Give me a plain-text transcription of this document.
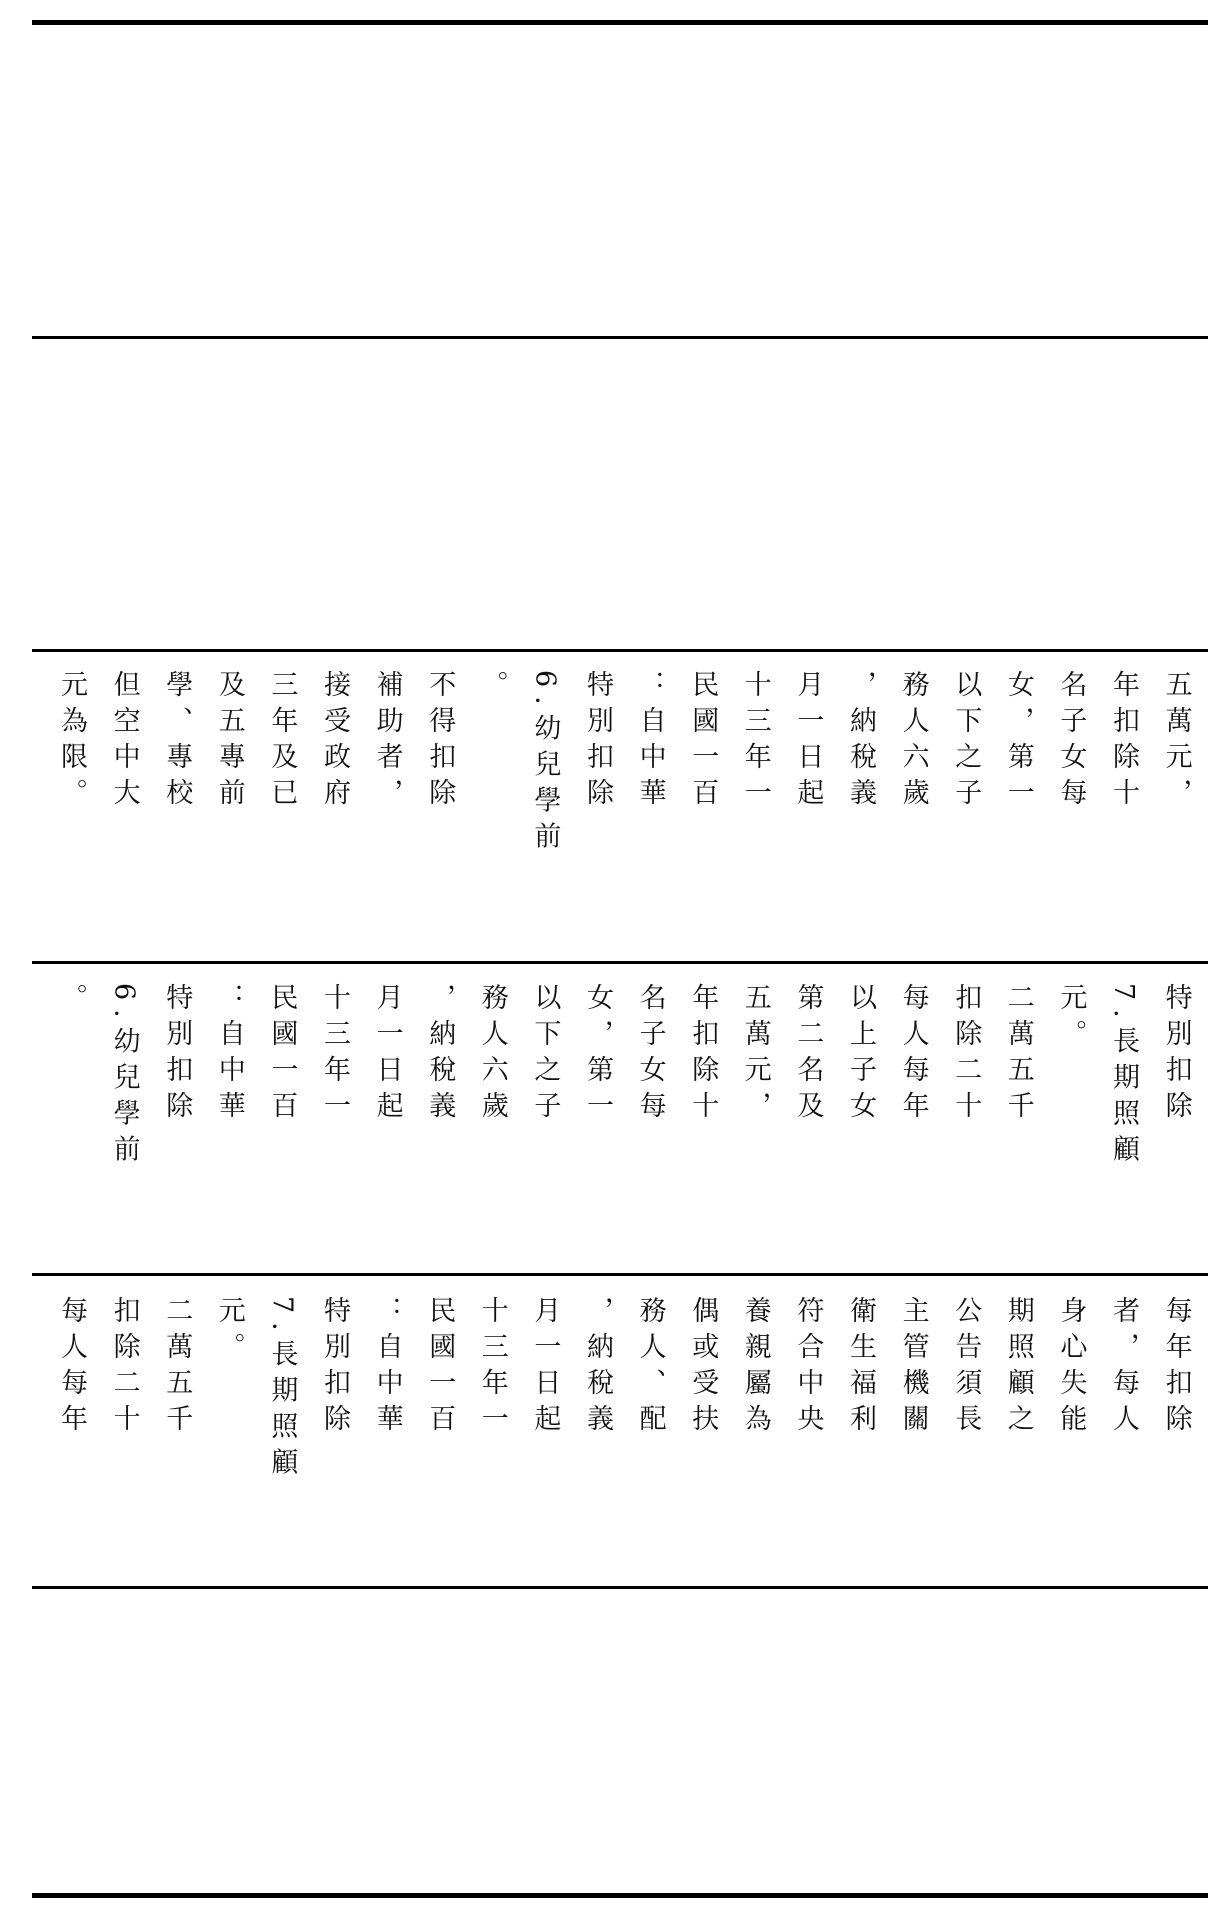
元為限。 但空中大 學、專校 及五專前 三年及已 接受政府 補助者， 不得扣除 。 6.幼兒學前 特別扣除 ：自中華 民國一百 十三年一 月一日起 ，納稅義 務人六歲 以下之子 女，第一 名子女每 年扣除十 五萬元，
。 6.幼兒學前 特別扣除 ：自中華 民國一百 十三年一 月一日起 ，納稅義 務人六歲 以下之子 女，第一 名子女每 年扣除十 五萬元， 第二名及 以上子女 每人每年 扣除二十 二萬五千 元。 7.長期照顧 特別扣除
每人每年 扣除二十 二萬五千 元。 7.長期照顧 特別扣除 ：自中華 民國一百 十三年一 月一日起 ，納稅義 務人、配 偶或受扶 養親屬為 符合中央 衛生福利 主管機關 公告須長 期照顧之 身心失能 者，每人 每年扣除
